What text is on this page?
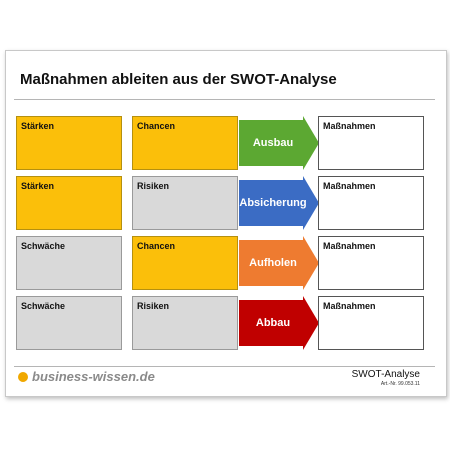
Maßnahmen ableiten aus der SWOT-Analyse
Stärken	Chancen
Ausbau
Maßnahmen
Stärken	Risiken
Absicherung
Maßnahmen
Schwäche	Chancen
Aufholen
Maßnahmen
Schwäche	Risiken
Abbau
Maßnahmen
business-wissen.de	SWOT-Analyse
Art.-Nr. 99.053.11
